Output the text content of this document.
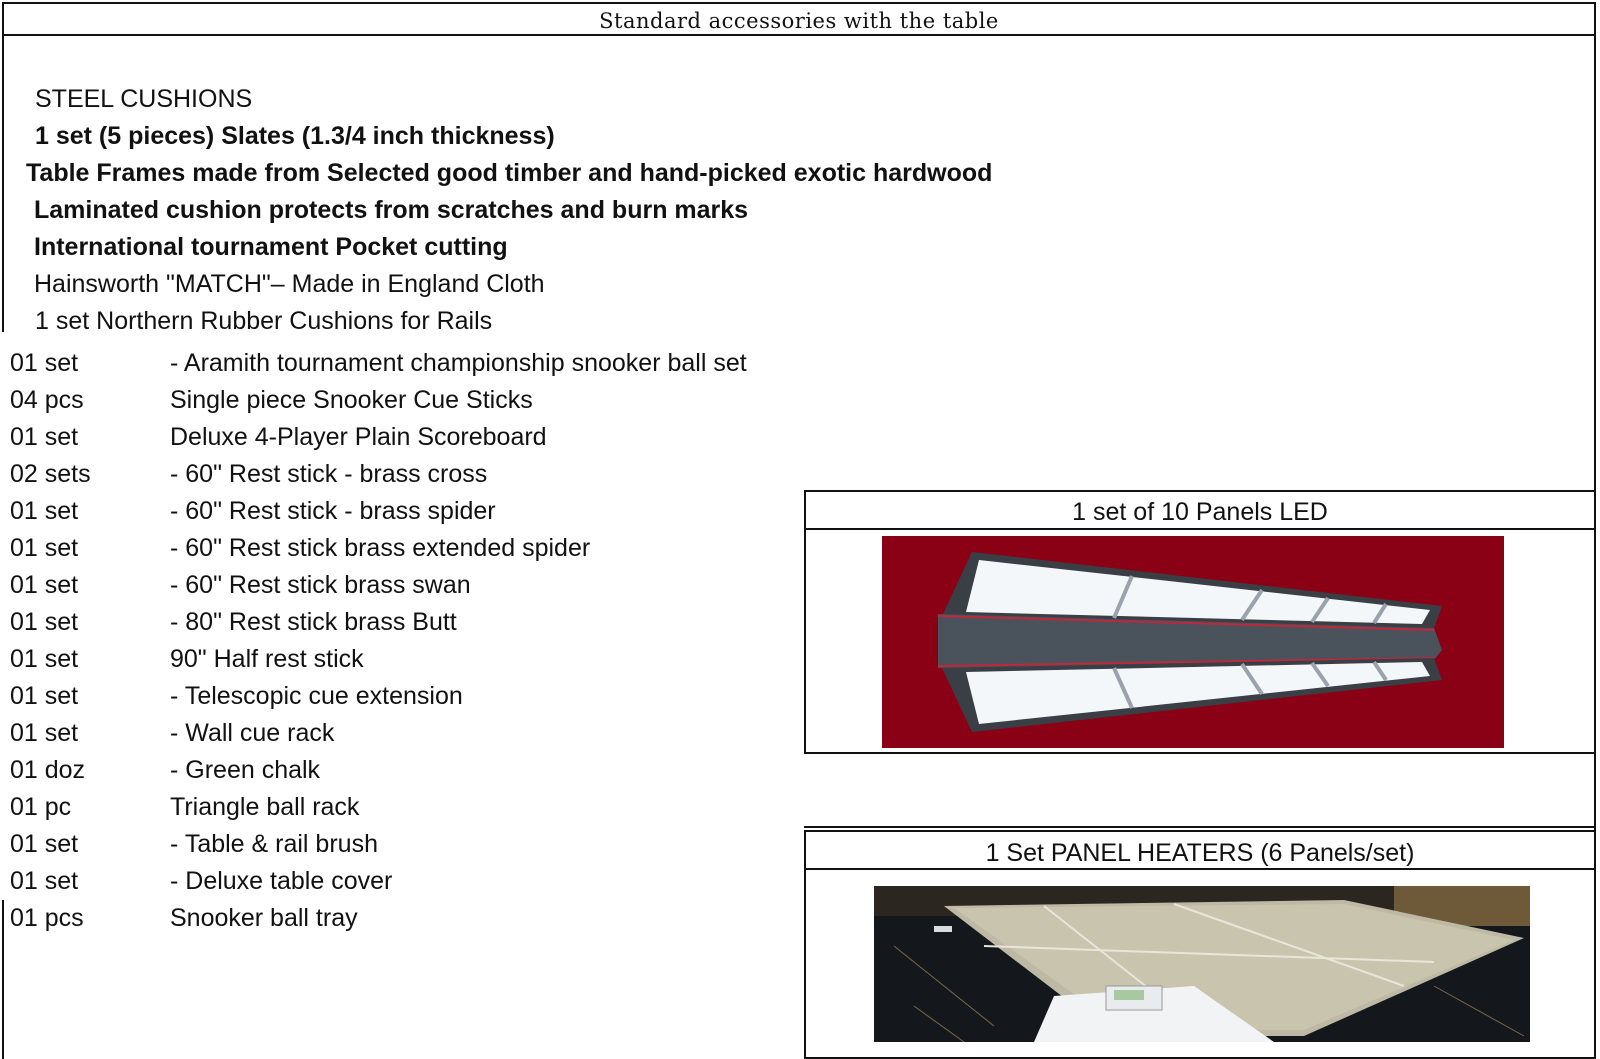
Standard accessories with the table
STEEL CUSHIONS
1 set (5 pieces) Slates (1.3/4 inch thickness)
Table Frames made from Selected good timber and hand-picked exotic hardwood
Laminated cushion protects from scratches and burn marks
International tournament Pocket cutting
Hainsworth "MATCH"– Made in England Cloth
1 set Northern Rubber Cushions for Rails
01 set	- Aramith tournament championship snooker ball set
04 pcs	Single piece Snooker Cue Sticks
01 set	Deluxe 4-Player Plain Scoreboard
02 sets	- 60" Rest stick - brass cross
01 set	- 60" Rest stick - brass spider
01 set	- 60" Rest stick brass extended spider
01 set	- 60" Rest stick brass swan
01 set	- 80" Rest stick brass Butt
01 set	90" Half rest stick
01 set	- Telescopic cue extension
01 set	- Wall cue rack
01 doz	- Green chalk
01 pc	Triangle ball rack
01 set	- Table & rail brush
01 set	- Deluxe table cover
01 pcs	Snooker ball tray
1 set of 10 Panels LED
1 Set PANEL HEATERS (6 Panels/set)
